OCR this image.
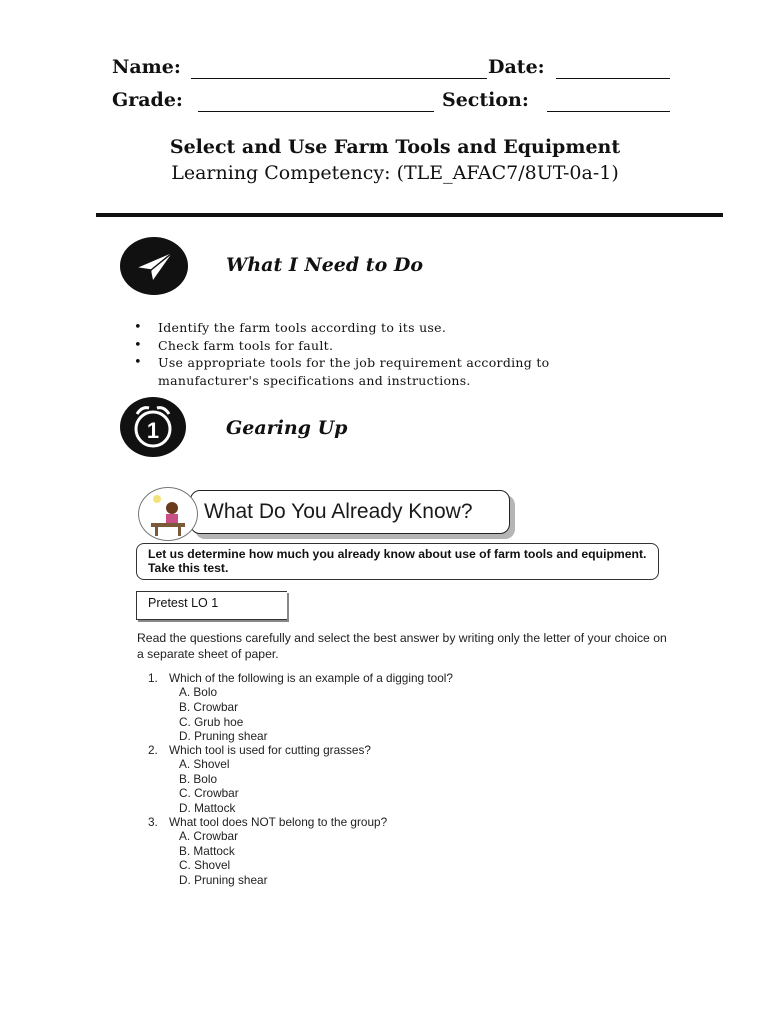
Name:	Date:
Grade:	Section:
Select and Use Farm Tools and Equipment
Learning Competency: (TLE_AFAC7/8UT-0a-1)
What I Need to Do
• Identify the farm tools according to its use.
• Check farm tools for fault.
• Use appropriate tools for the job requirement according to manufacturer's specifications and instructions.
1	Gearing Up
What Do You Already Know?
Let us determine how much you already know about use of farm tools and equipment. Take this test.
Pretest LO 1
Read the questions carefully and select the best answer by writing only the letter of your choice on a separate sheet of paper.
1. Which of the following is an example of a digging tool?
A. Bolo
B. Crowbar
C. Grub hoe
D. Pruning shear
2. Which tool is used for cutting grasses?
A. Shovel
B. Bolo
C. Crowbar
D. Mattock
3. What tool does NOT belong to the group?
A. Crowbar
B. Mattock
C. Shovel
D. Pruning shear
